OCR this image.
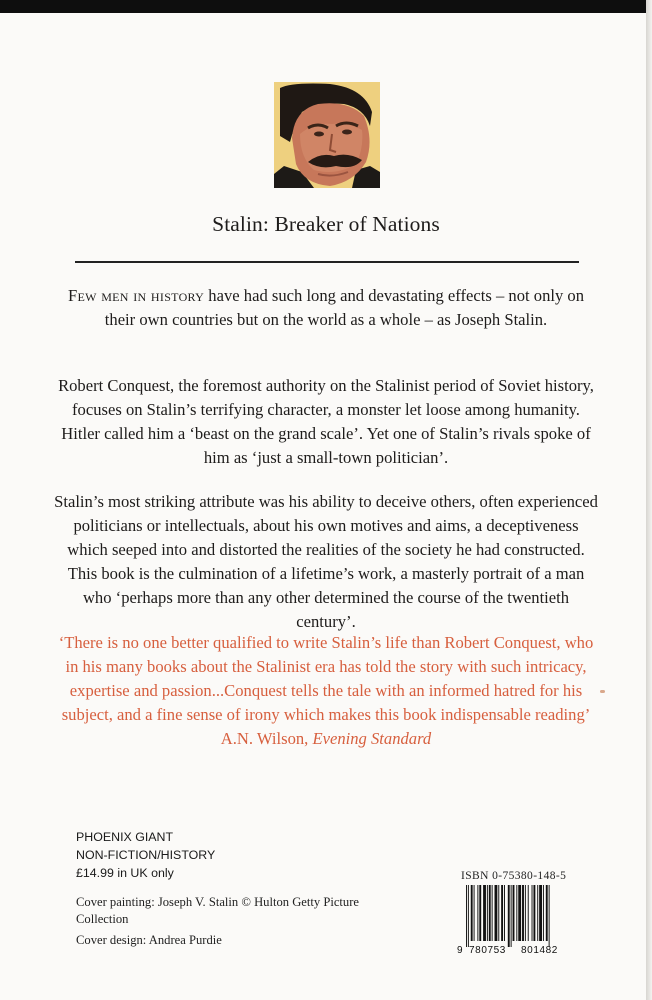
Stalin: Breaker of Nations
Few men in history have had such long and devastating effects – not only on their own countries but on the world as a whole – as Joseph Stalin.
Robert Conquest, the foremost authority on the Stalinist period of Soviet history, focuses on Stalin’s terrifying character, a monster let loose among humanity. Hitler called him a ‘beast on the grand scale’. Yet one of Stalin’s rivals spoke of him as ‘just a small-town politician’.
Stalin’s most striking attribute was his ability to deceive others, often experienced politicians or intellectuals, about his own motives and aims, a deceptiveness which seeped into and distorted the realities of the society he had constructed. This book is the culmination of a lifetime’s work, a masterly portrait of a man who ‘perhaps more than any other determined the course of the twentieth century’.
‘There is no one better qualified to write Stalin’s life than Robert Conquest, who in his many books about the Stalinist era has told the story with such intricacy, expertise and passion...Conquest tells the tale with an informed hatred for his subject, and a fine sense of irony which makes this book indispensable reading’
A.N. Wilson, Evening Standard
PHOENIX GIANT
NON-FICTION/HISTORY
£14.99 in UK only
Cover painting: Joseph V. Stalin © Hulton Getty Picture Collection
Cover design: Andrea Purdie
ISBN 0-75380-148-5
9 780753 801482
